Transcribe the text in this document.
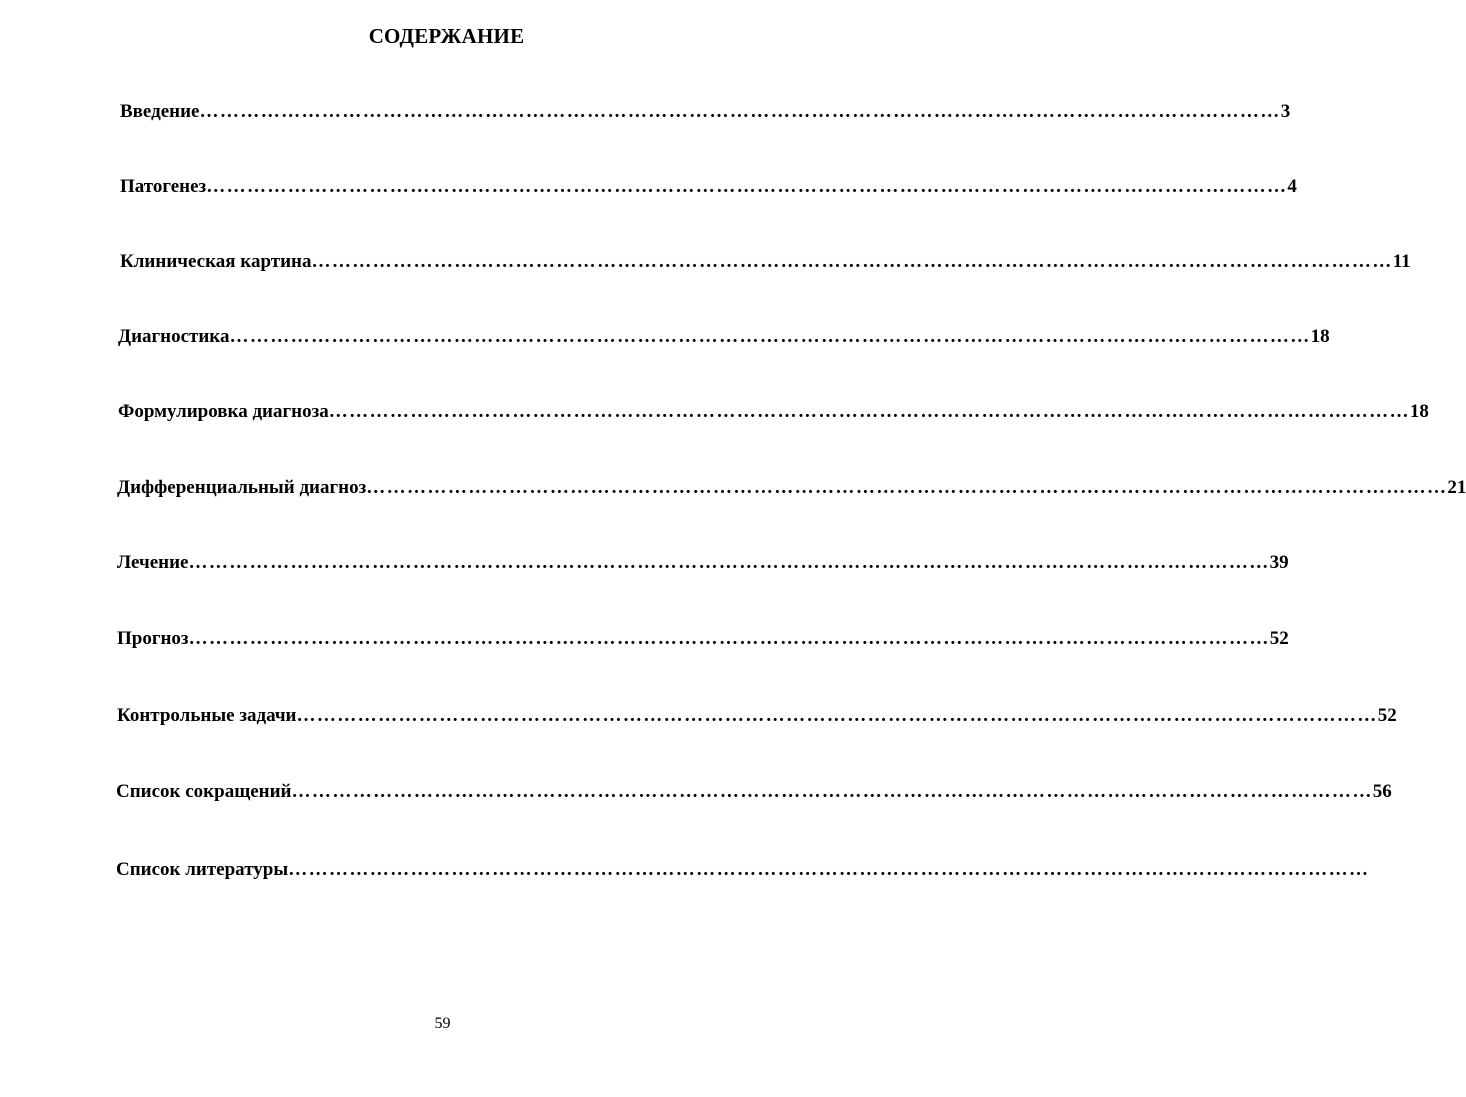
СОДЕРЖАНИЕ
Введение …………………………………………………………………………………………………………………………………………… 3
Патогенез …………………………………………………………………………………………………………………………………………… 4
Клиническая картина …………………………………………………………………………………………………………………………………………… 11
Диагностика …………………………………………………………………………………………………………………………………………… 18
Формулировка диагноза …………………………………………………………………………………………………………………………………………… 18
Дифференциальный диагноз …………………………………………………………………………………………………………………………………………… 21
Лечение …………………………………………………………………………………………………………………………………………… 39
Прогноз …………………………………………………………………………………………………………………………………………… 52
Контрольные задачи …………………………………………………………………………………………………………………………………………… 52
Список сокращений …………………………………………………………………………………………………………………………………………… 56
Список литературы ……………………………………………………………………………………………………………………………………………
59
